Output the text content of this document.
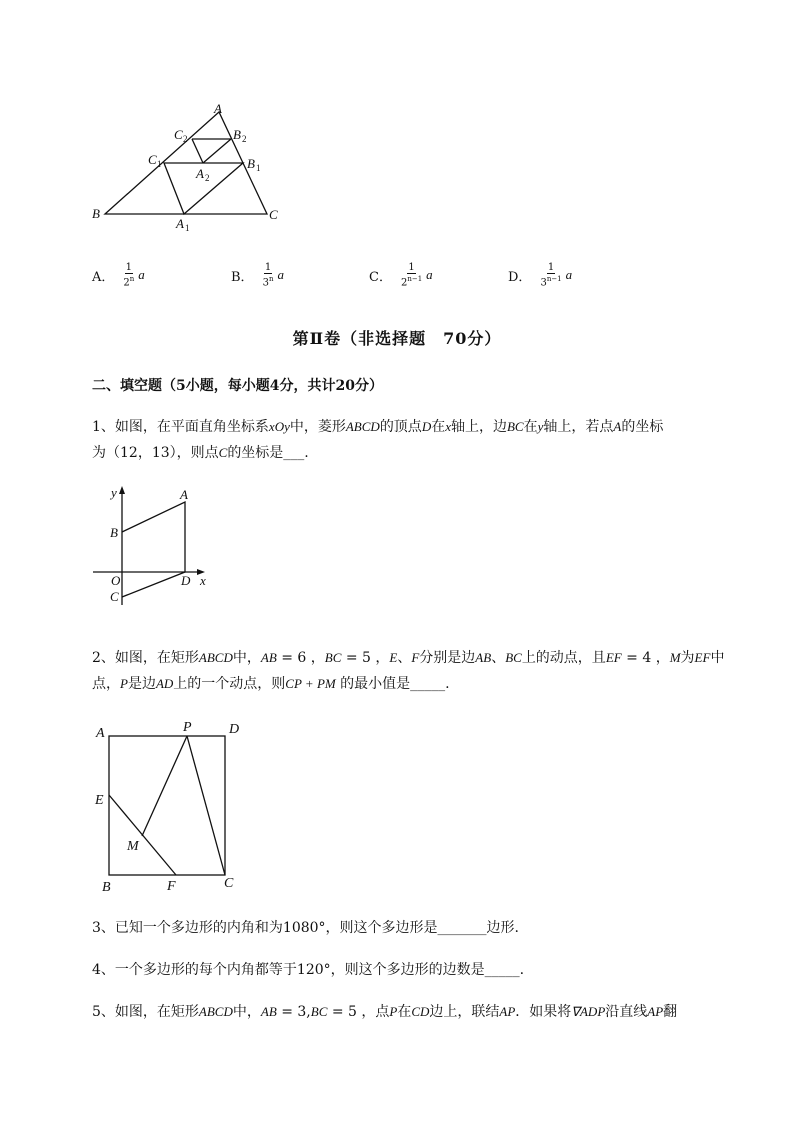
A
C 2	B 2
C 1	B 1
A 2
B	C
A 1
A． $\frac{1}{2^n}$ a	B． $\frac{1}{3^n}$ a	C． $\frac{1}{2^{n-1}}$ a	D． $\frac{1}{3^{n-1}}$ a
第Ⅱ卷（非选择题　70分）
二、填空题（5小题，每小题4分，共计20分）
1、如图，在平面直角坐标系xOy中，菱形ABCD的顶点D在x轴上，边BC在y轴上，若点A的坐标
为（12，13），则点C的坐标是___.
y	A
B
O	D x
C
2、如图，在矩形ABCD中，AB = 6 ，BC = 5 ，E、F分别是边AB、BC上的动点，且EF = 4 ，M为EF中
点，P是边AD上的一个动点，则CP + PM 的最小值是_____.
A	P	D
E
M
B	F	C
3、已知一个多边形的内角和为1080°，则这个多边形是_______边形.
4、一个多边形的每个内角都等于120°，则这个多边形的边数是_____.
5、如图，在矩形ABCD中，AB = 3,BC = 5 ，点P在CD边上，联结AP．如果将∇ADP沿直线AP翻
